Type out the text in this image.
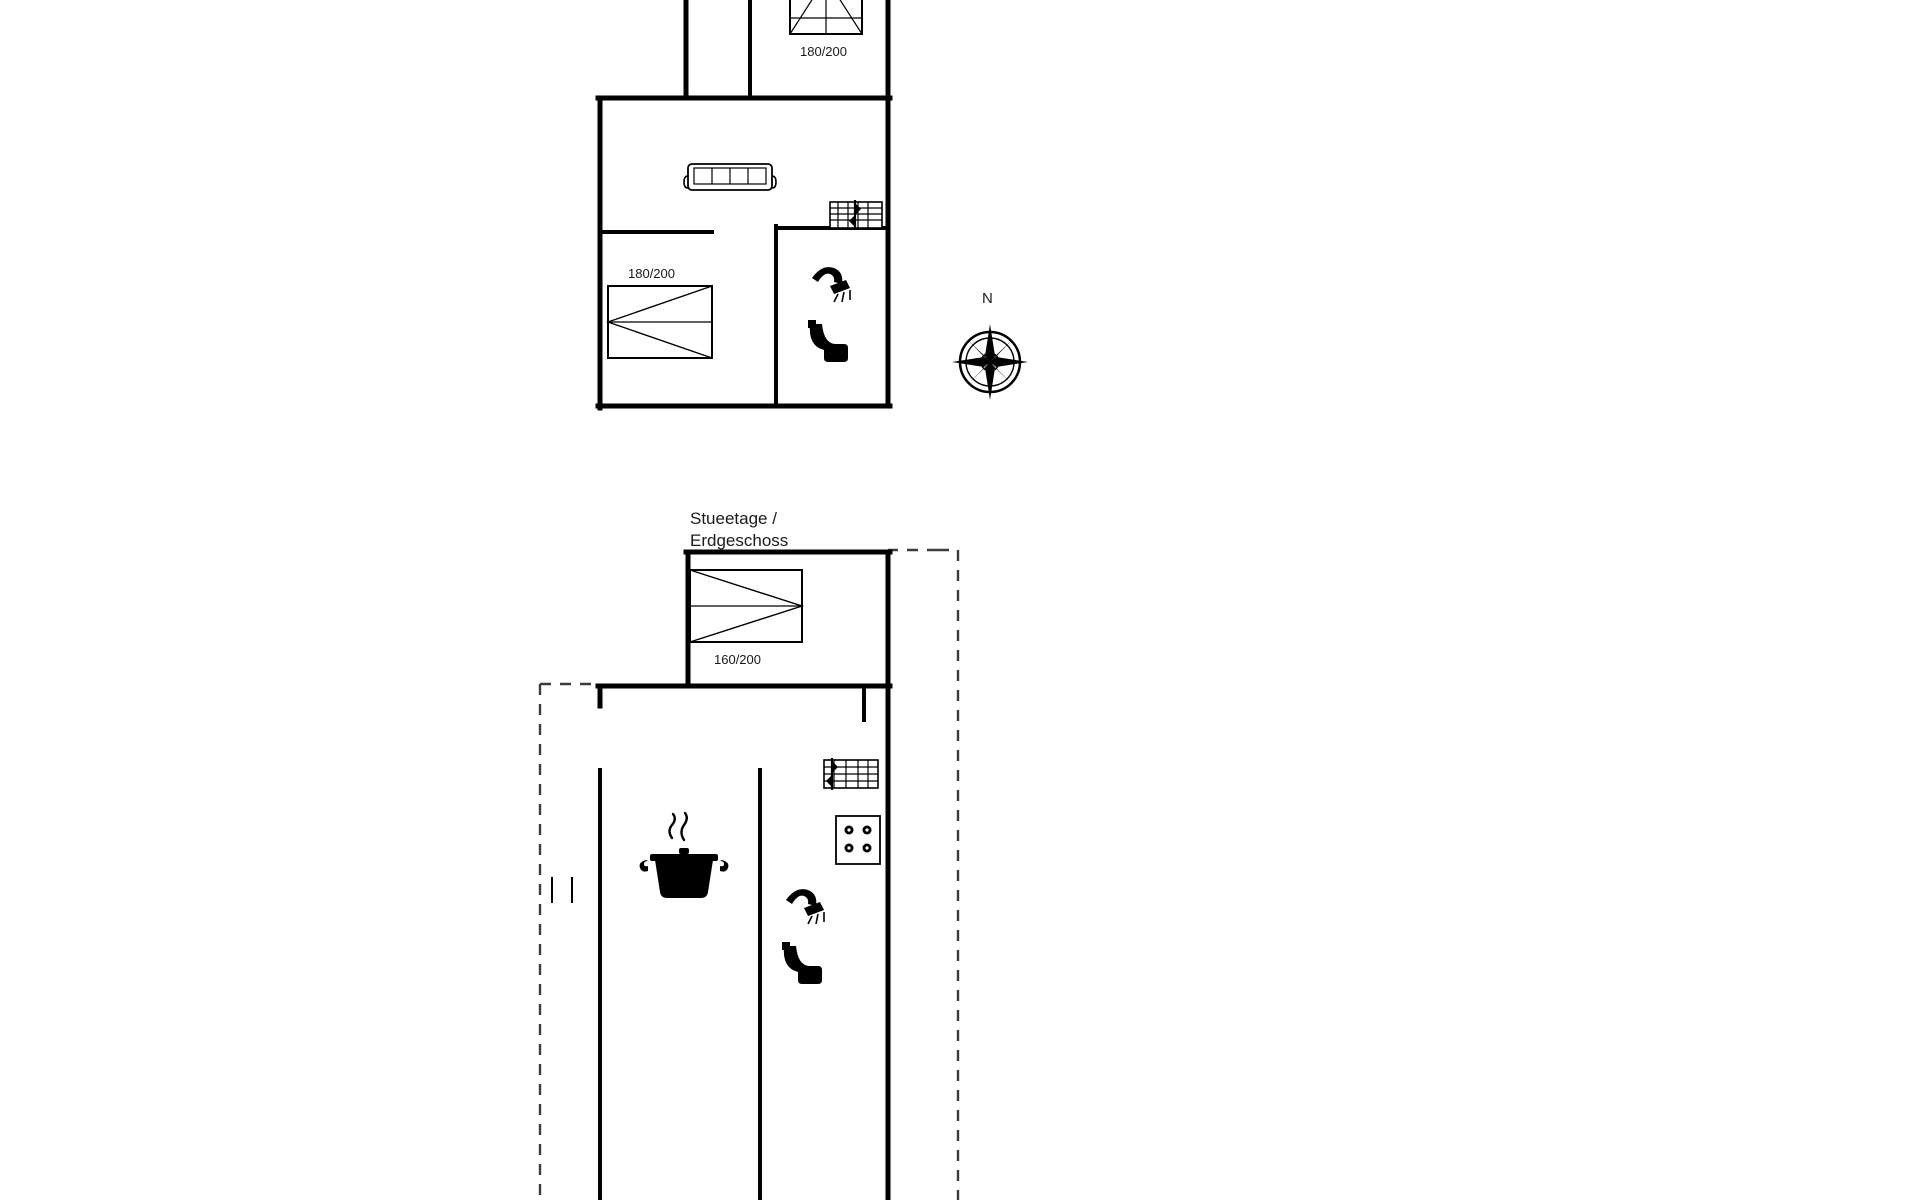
180/200
180/200
N
Stueetage /
Erdgeschoss
160/200
